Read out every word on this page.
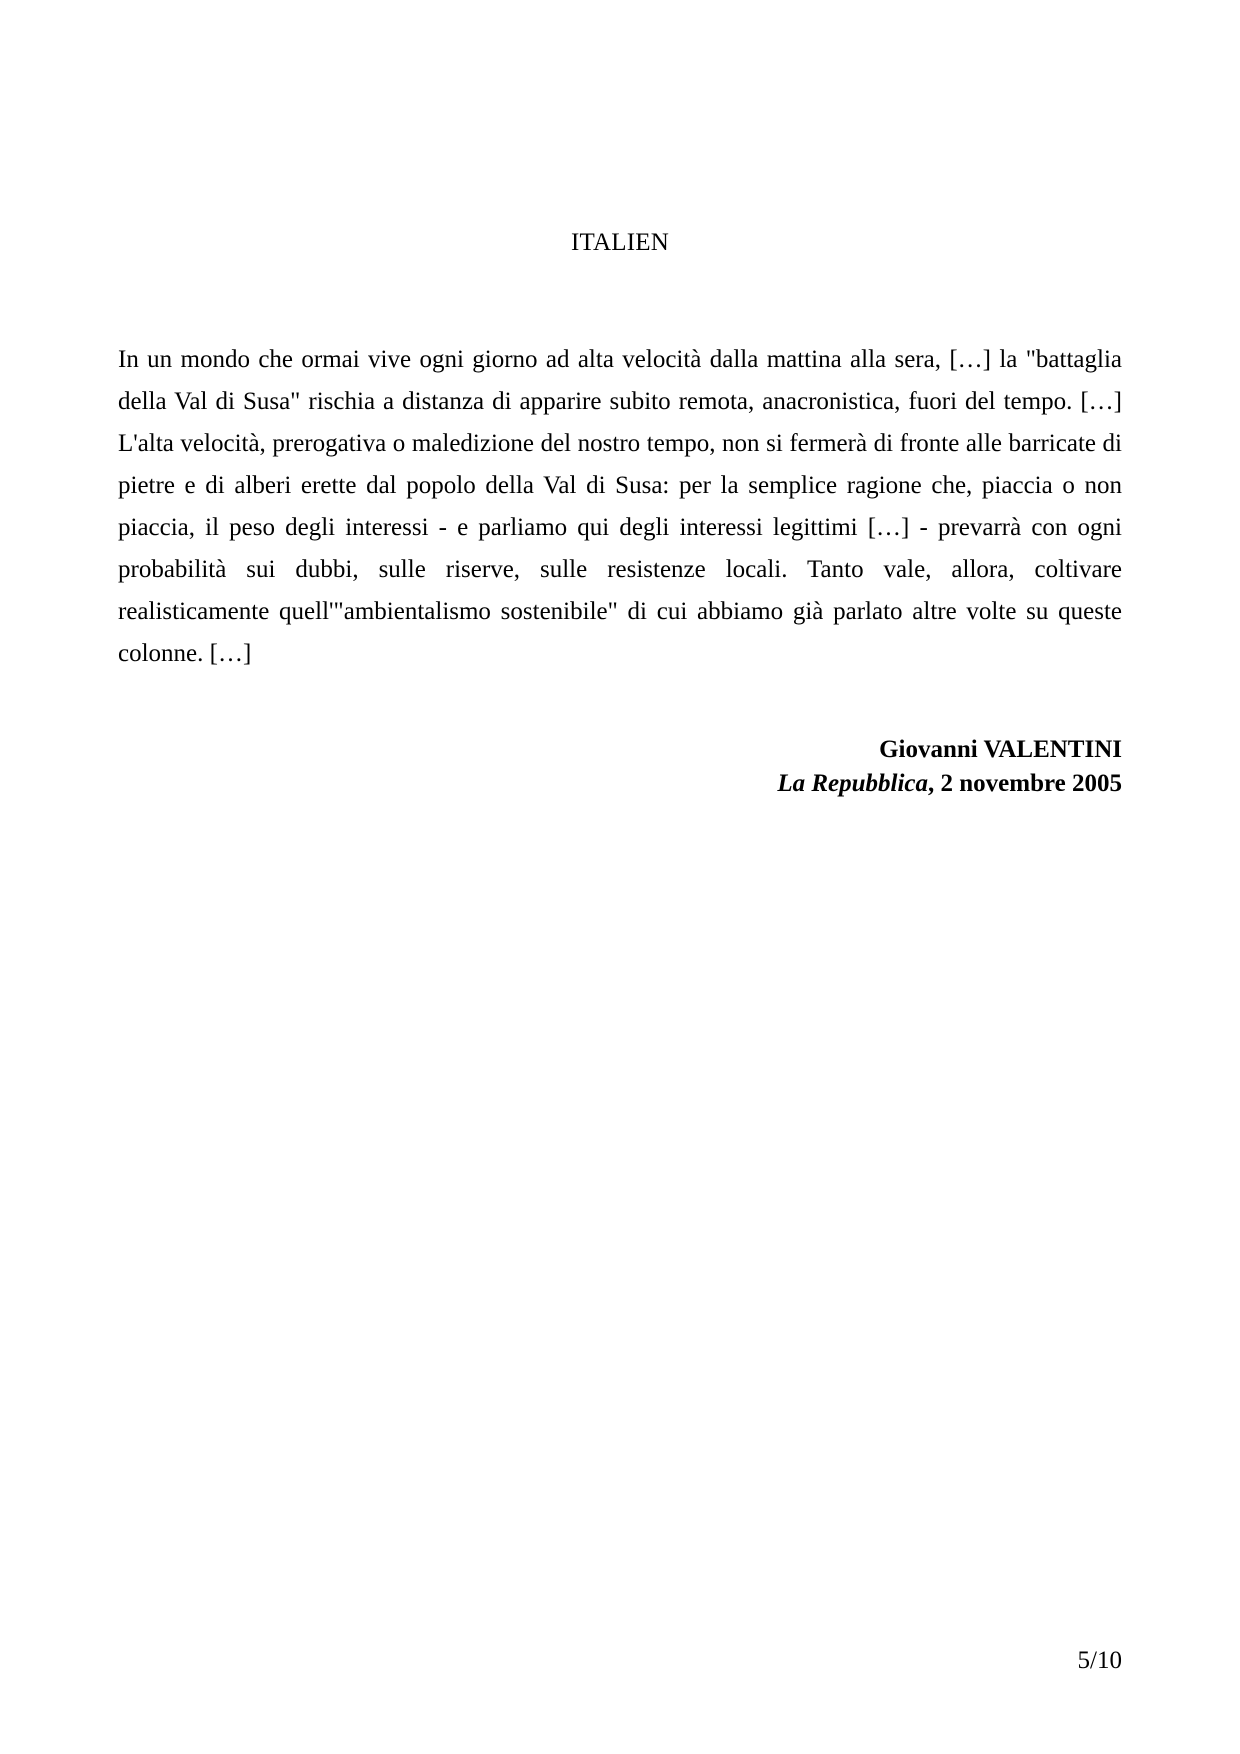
ITALIEN

In un mondo che ormai vive ogni giorno ad alta velocità dalla mattina alla sera, […] la "battaglia della Val di Susa" rischia a distanza di apparire subito remota, anacronistica, fuori del tempo. […] L'alta velocità, prerogativa o maledizione del nostro tempo, non si fermerà di fronte alle barricate di pietre e di alberi erette dal popolo della Val di Susa: per la semplice ragione che, piaccia o non piaccia, il peso degli interessi - e parliamo qui degli interessi legittimi […] - prevarrà con ogni probabilità sui dubbi, sulle riserve, sulle resistenze locali. Tanto vale, allora, coltivare realisticamente quell'"ambientalismo sostenibile" di cui abbiamo già parlato altre volte su queste colonne. […]

Giovanni VALENTINI
La Repubblica, 2 novembre 2005
5/10
